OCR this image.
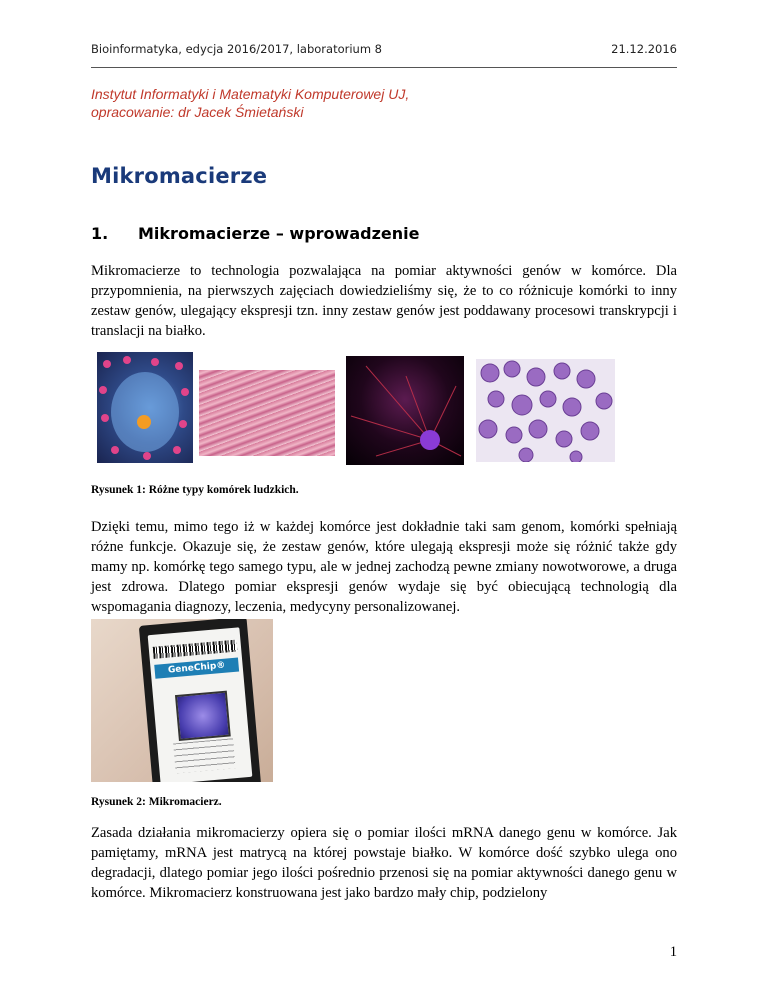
Bioinformatyka, edycja 2016/2017, laboratorium 8	21.12.2016
Instytut Informatyki i Matematyki Komputerowej UJ,
opracowanie: dr Jacek Śmietański
Mikromacierze
1. Mikromacierze – wprowadzenie
Mikromacierze to technologia pozwalająca na pomiar aktywności genów w komórce. Dla przypomnienia, na pierwszych zajęciach dowiedzieliśmy się, że to co różnicuje komórki to inny zestaw genów, ulegający ekspresji tzn. inny zestaw genów jest poddawany procesowi transkrypcji i translacji na białko.
Rysunek 1: Różne typy komórek ludzkich.
Dzięki temu, mimo tego iż w każdej komórce jest dokładnie taki sam genom, komórki spełniają różne funkcje. Okazuje się, że zestaw genów, które ulegają ekspresji może się różnić także gdy mamy np. komórkę tego samego typu, ale w jednej zachodzą pewne zmiany nowotworowe, a druga jest zdrowa. Dlatego pomiar ekspresji genów wydaje się być obiecującą technologią dla wspomagania diagnozy, leczenia, medycyny personalizowanej.
GeneChip®
Rysunek 2: Mikromacierz.
Zasada działania mikromacierzy opiera się o pomiar ilości mRNA danego genu w komórce. Jak pamiętamy, mRNA jest matrycą na której powstaje białko. W komórce dość szybko ulega ono degradacji, dlatego pomiar jego ilości pośrednio przenosi się na pomiar aktywności danego genu w komórce. Mikromacierz konstruowana jest jako bardzo mały chip, podzielony
1
